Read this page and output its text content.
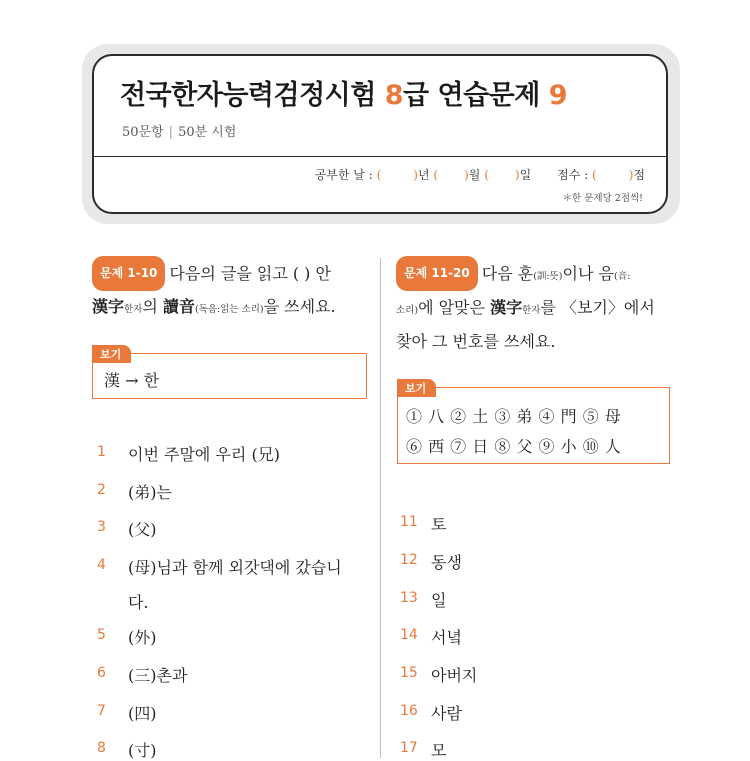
전국한자능력검정시험 8급 연습문제 9
50문항 | 50분 시험
공부한 날 : (	)년 ( )월 ( )일 점수 : (	)점
＊한 문제당 2점씩!
문제 1-10 다음의 글을 읽고 ( ) 안
漢字한자의 讀音(독음:읽는 소리)을 쓰세요.
보기
漢 → 한
문제 11-20 다음 훈(訓:뜻)이나 음(音:
소리)에 알맞은 漢字한자를 〈보기〉에서
찾아 그 번호를 쓰세요.
보기
① 八 ② 土 ③ 弟 ④ 門 ⑤ 母
⑥ 西 ⑦ 日 ⑧ 父 ⑨ 小 ⑩ 人
1 이번 주말에 우리 (兄)
2 (弟)는
3 (父)
4 (母)님과 함께 외갓댁에 갔습니
다.
5 (外)
6 (三)촌과
7 (四)
8 (寸)
11 토
12 동생
13 일
14 서녘
15 아버지
16 사람
17 모
